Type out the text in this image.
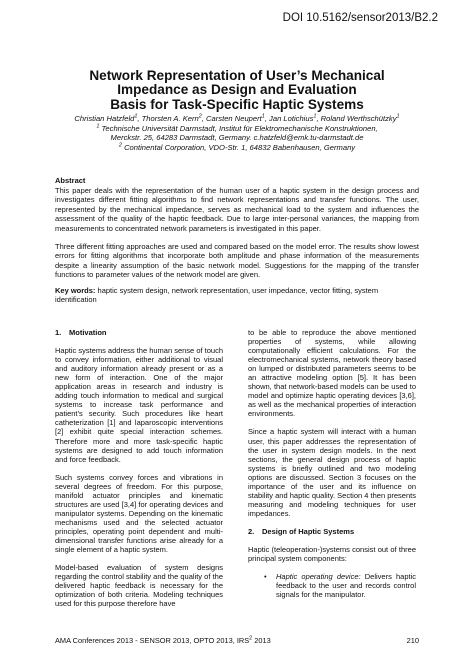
DOI 10.5162/sensor2013/B2.2
Network Representation of User’s Mechanical
Impedance as Design and Evaluation
Basis for Task-Specific Haptic Systems
Christian Hatzfeld$^1$, Thorsten A. Kern$^2$, Carsten Neupert$^1$, Jan Lotichius$^1$, Roland Werthschützky$^1$
$^1$ Technische Universität Darmstadt, Institut für Elektromechanische Konstruktionen,
Merckstr. 25, 64283 Darmstadt, Germany. c.hatzfeld@emk.tu-darmstadt.de
$^2$ Continental Corporation, VDO-Str. 1, 64832 Babenhausen, Germany
Abstract

This paper deals with the representation of the human user of a haptic system in the design process and investigates different fitting algorithms to find network representations and transfer functions. The user, represented by the mechanical impedance, serves as mechanical load to the system and influences the assessment of the quality of the haptic feedback. Due to large inter-personal variances, the mapping from measurements to concentrated network parameters is investigated in this paper.

Three different fitting approaches are used and compared based on the model error. The results show lowest errors for fitting algorithms that incorporate both amplitude and phase information of the measurements despite a linearity assumption of the basic network model. Suggestions for the mapping of the transfer functions to parameter values of the network model are given.

Key words: haptic system design, network representation, user impedance, vector fitting, system identification
1. Motivation

Haptic systems address the human sense of touch to convey information, either additional to visual and auditory information already present or as a new form of interaction. One of the major application areas in research and industry is adding touch information to medical and surgical systems to increase task performance and patient’s security. Such procedures like heart catheterization [1] and laparoscopic interventions [2] exhibit quite special interaction schemes. Therefore more and more task-specific haptic systems are designed to add touch information and force feedback.

Such systems convey forces and vibrations in several degrees of freedom. For this purpose, manifold actuator principles and kinematic structures are used [3,4] for operating devices and manipulator systems. Depending on the kinematic mechanisms used and the selected actuator principles, operating point dependent and multi-dimensional transfer functions arise already for a single element of a haptic system.

Model-based evaluation of system designs regarding the control stability and the quality of the delivered haptic feedback is necessary for the optimization of both criteria. Modeling techniques used for this purpose therefore have

to be able to reproduce the above mentioned properties of systems, while allowing computationally efficient calculations. For the electromechanical systems, network theory based on lumped or distributed parameters seems to be an attractive modeling option [5]. It has been shown, that network-based models can be used to model and optimize haptic operating devices [3,6], as well as the mechanical properties of interaction environments.

Since a haptic system will interact with a human user, this paper addresses the representation of the user in system design models. In the next sections, the general design process of haptic systems is briefly outlined and two modeling options are discussed. Section 3 focuses on the importance of the user and its influence on stability and haptic quality. Section 4 then presents measuring and modeling techniques for user impedances.

2. Design of Haptic Systems

Haptic (teleoperation-)systems consist out of three principal system components:

• Haptic operating device: Delivers haptic feedback to the user and records control signals for the manipulator.
AMA Conferences 2013 - SENSOR 2013, OPTO 2013, IRS$^2$ 2013	210
